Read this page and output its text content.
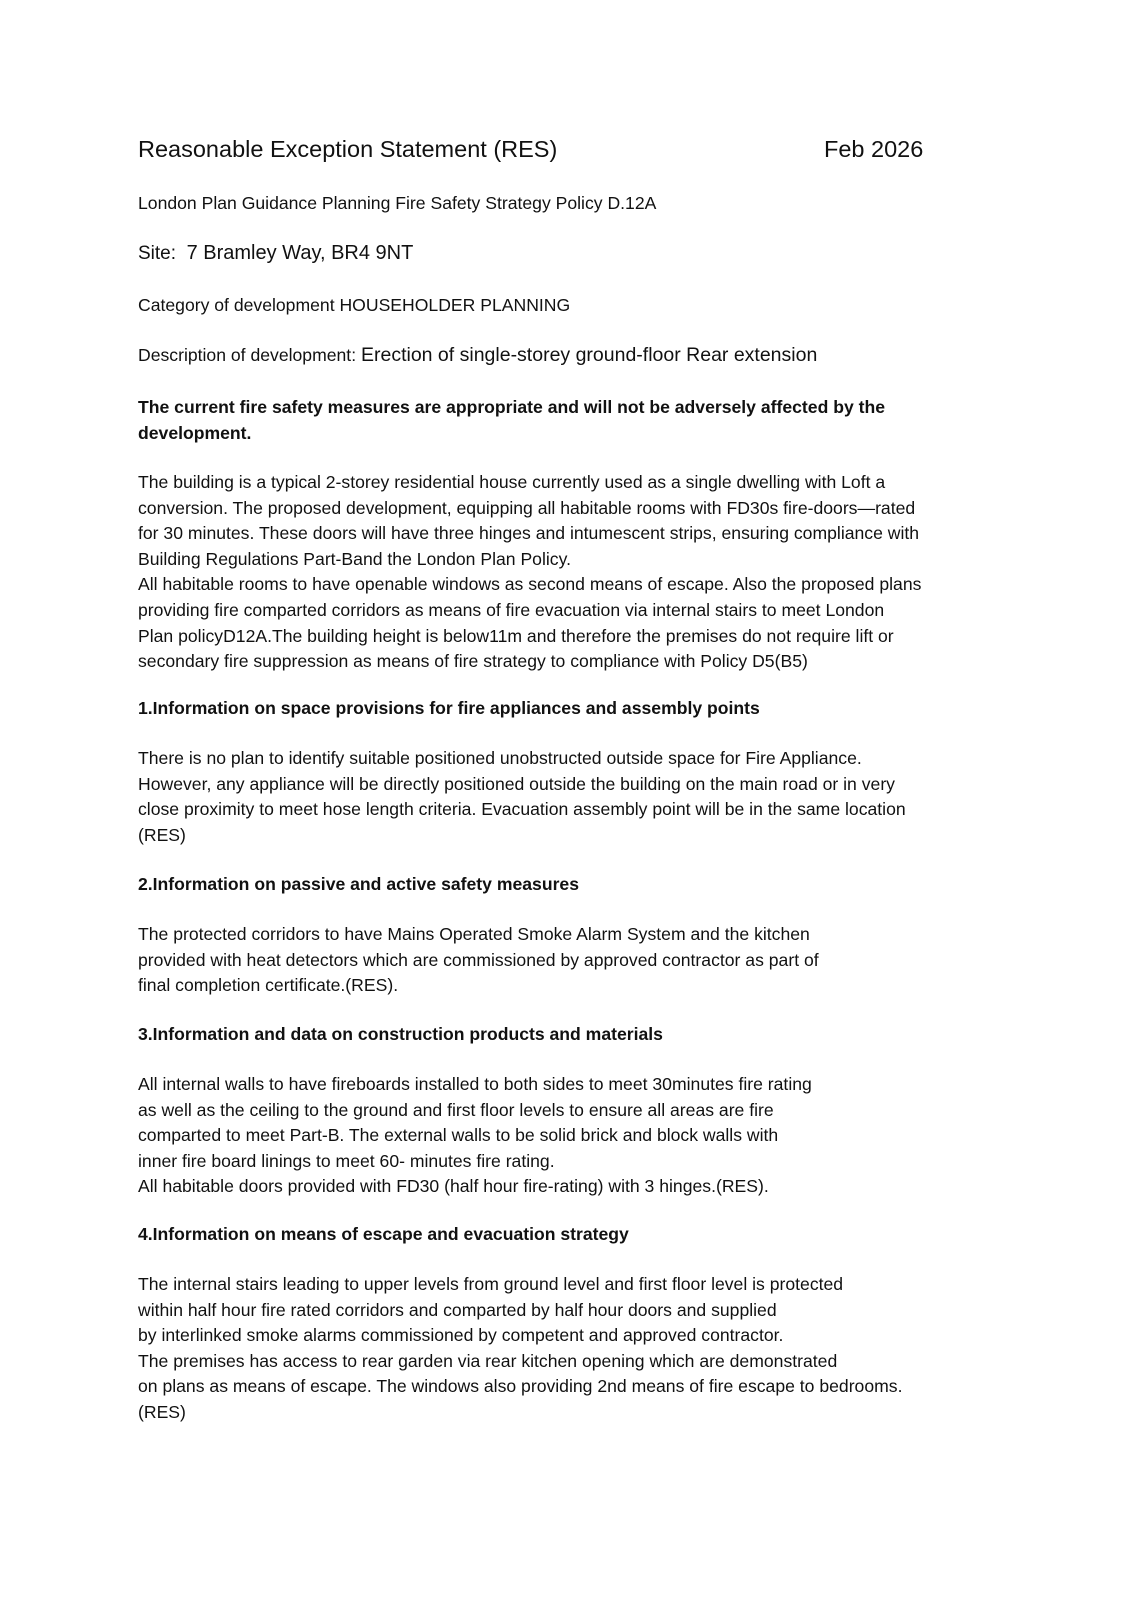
Reasonable Exception Statement (RES)	Feb 2026
London Plan Guidance Planning Fire Safety Strategy Policy D.12A
Site: 7 Bramley Way, BR4 9NT
Category of development HOUSEHOLDER PLANNING
Description of development: Erection of single-storey ground-floor Rear extension

The current fire safety measures are appropriate and will not be adversely affected by the

development.

The building is a typical 2-storey residential house currently used as a single dwelling with Loft a

conversion. The proposed development, equipping all habitable rooms with FD30s fire-doors—rated

for 30 minutes. These doors will have three hinges and intumescent strips, ensuring compliance with

Building Regulations Part-Band the London Plan Policy.

All habitable rooms to have openable windows as second means of escape. Also the proposed plans

providing fire comparted corridors as means of fire evacuation via internal stairs to meet London

Plan policyD12A.The building height is below11m and therefore the premises do not require lift or

secondary fire suppression as means of fire strategy to compliance with Policy D5(B5)

1.Information on space provisions for fire appliances and assembly points

There is no plan to identify suitable positioned unobstructed outside space for Fire Appliance.

However, any appliance will be directly positioned outside the building on the main road or in very

close proximity to meet hose length criteria. Evacuation assembly point will be in the same location

(RES)

2.Information on passive and active safety measures

The protected corridors to have Mains Operated Smoke Alarm System and the kitchen

provided with heat detectors which are commissioned by approved contractor as part of

final completion certificate.(RES).

3.Information and data on construction products and materials

All internal walls to have fireboards installed to both sides to meet 30minutes fire rating

as well as the ceiling to the ground and first floor levels to ensure all areas are fire

comparted to meet Part-B. The external walls to be solid brick and block walls with

inner fire board linings to meet 60- minutes fire rating.

All habitable doors provided with FD30 (half hour fire-rating) with 3 hinges.(RES).

4.Information on means of escape and evacuation strategy

The internal stairs leading to upper levels from ground level and first floor level is protected

within half hour fire rated corridors and comparted by half hour doors and supplied

by interlinked smoke alarms commissioned by competent and approved contractor.

The premises has access to rear garden via rear kitchen opening which are demonstrated

on plans as means of escape. The windows also providing 2nd means of fire escape to bedrooms.

(RES)
